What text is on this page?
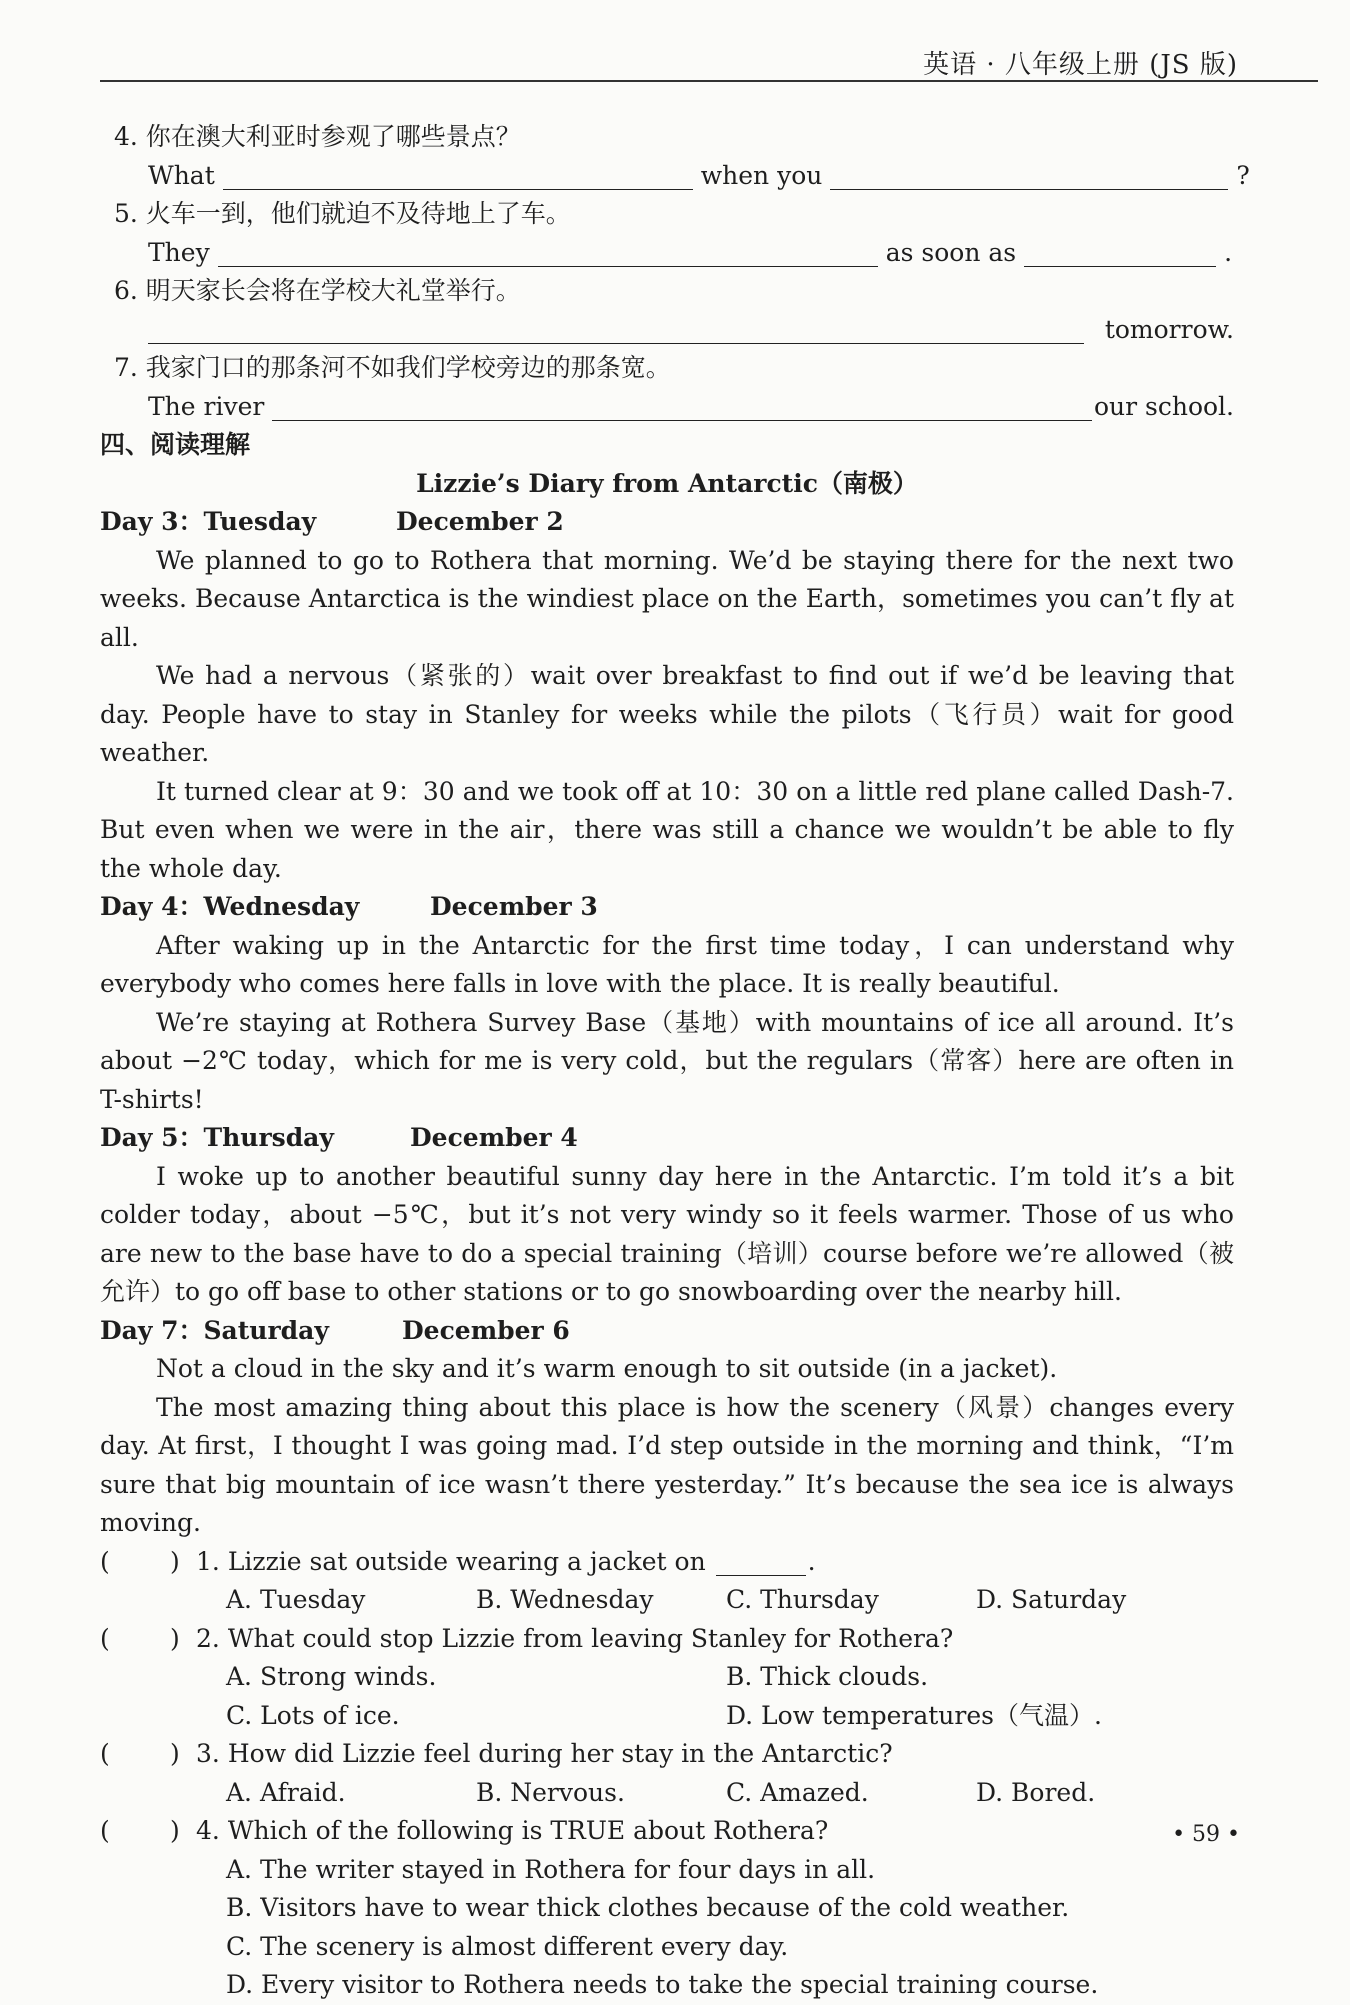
英语 · 八年级上册 (JS 版)
4. 你在澳大利亚时参观了哪些景点？
What	when you	?
5. 火车一到，他们就迫不及待地上了车。
They	as soon as	.
6. 明天家长会将在学校大礼堂举行。
tomorrow.
7. 我家门口的那条河不如我们学校旁边的那条宽。
The river	our school.
四、阅读理解
Lizzie’s Diary from Antarctic（南极）
Day 3：Tuesday	December 2
We planned to go to Rothera that morning. We’d be staying there for the next two weeks. Because Antarctica is the windiest place on the Earth，sometimes you can’t fly at all.
We had a nervous（紧张的）wait over breakfast to find out if we’d be leaving that day. People have to stay in Stanley for weeks while the pilots（飞行员）wait for good weather.
It turned clear at 9：30 and we took off at 10：30 on a little red plane called Dash-7. But even when we were in the air，there was still a chance we wouldn’t be able to fly the whole day.
Day 4：Wednesday	December 3
After waking up in the Antarctic for the first time today，I can understand why everybody who comes here falls in love with the place. It is really beautiful.
We’re staying at Rothera Survey Base（基地）with mountains of ice all around. It’s about −2℃ today，which for me is very cold，but the regulars（常客）here are often in T-shirts!
Day 5：Thursday	December 4
I woke up to another beautiful sunny day here in the Antarctic. I’m told it’s a bit colder today，about −5℃，but it’s not very windy so it feels warmer. Those of us who are new to the base have to do a special training（培训）course before we’re allowed（被允许）to go off base to other stations or to go snowboarding over the nearby hill.
Day 7：Saturday	December 6
Not a cloud in the sky and it’s warm enough to sit outside (in a jacket).
The most amazing thing about this place is how the scenery（风景）changes every day. At first，I thought I was going mad. I’d step outside in the morning and think，“I’m sure that big mountain of ice wasn’t there yesterday.” It’s because the sea ice is always moving.
( ) 1. Lizzie sat outside wearing a jacket on	.
A. Tuesday	B. Wednesday	C. Thursday	D. Saturday
( ) 2. What could stop Lizzie from leaving Stanley for Rothera?
A. Strong winds.	B. Thick clouds.
C. Lots of ice.	D. Low temperatures（气温）.
( ) 3. How did Lizzie feel during her stay in the Antarctic?
A. Afraid.	B. Nervous.	C. Amazed.	D. Bored.
( ) 4. Which of the following is TRUE about Rothera?
A. The writer stayed in Rothera for four days in all.
B. Visitors have to wear thick clothes because of the cold weather.
C. The scenery is almost different every day.
D. Every visitor to Rothera needs to take the special training course.
• 59 •
